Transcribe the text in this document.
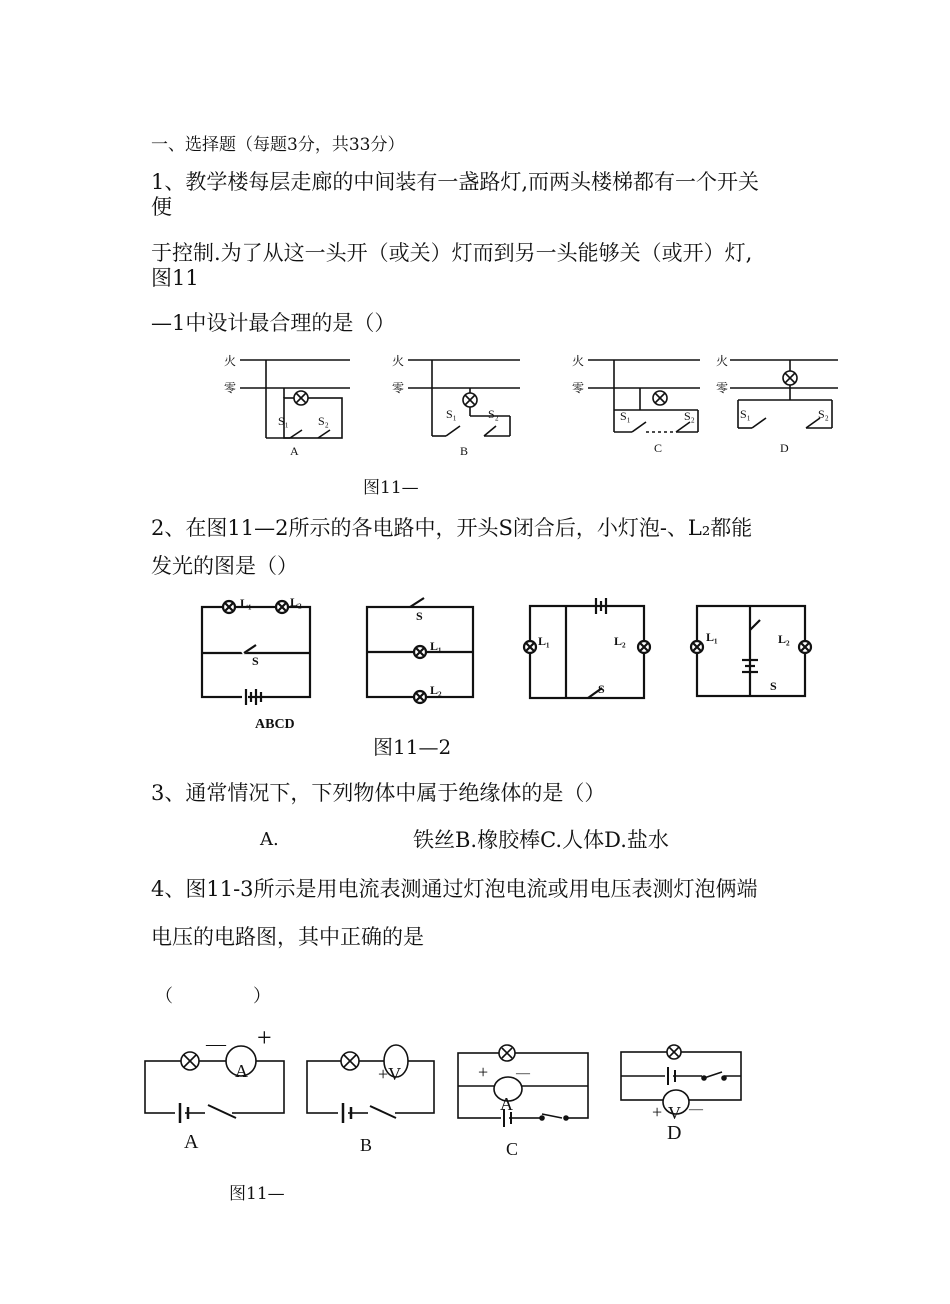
一、选择题（每题3分，共33分）
1、教学楼每层走廊的中间装有一盏路灯,而两头楼梯都有一个开关
便
于控制.为了从这一头开（或关）灯而到另一头能够关（或开）灯,
图11
—1中设计最合理的是（）
火
零
S₁ S₂
A
火
零
S₁	S₂
B
火
零
S₁	S₂
C
火
零
S₁	S₂
D
图11—
2、在图11—2所示的各电路中，开头S闭合后，小灯泡-、L₂都能
发光的图是（）
L₁	L₂
S
S
L₁
L₂
L₁	L₂
S
L₁	L₂
S
ABCD
图11—2
3、通常情况下，下列物体中属于绝缘体的是（）
A.	铁丝B.橡胶棒C.人体D.盐水
4、图11-3所示是用电流表测通过灯泡电流或用电压表测灯泡俩端
电压的电路图，其中正确的是
（	）
— +
A	+V	+ —
A	+ V —
A	B	C
D
图11—
